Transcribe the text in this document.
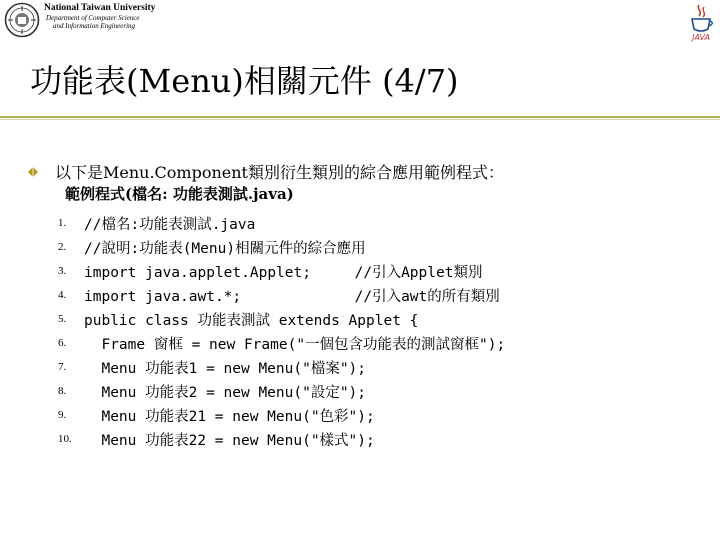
National Taiwan University
Department of Computer Science
and Information Engineering
JAVA
功能表(Menu)相關元件 (4/7)
以下是Menu.Component類別衍生類別的綜合應用範例程式：
範例程式(檔名: 功能表測試.java)
1.	//檔名:功能表測試.java
2.	//說明:功能表(Menu)相關元件的綜合應用
3.	import java.applet.Applet;     //引入Applet類別
4.	import java.awt.*;             //引入awt的所有類別
5.	public class 功能表測試 extends Applet {
6.	Frame 窗框 = new Frame("一個包含功能表的測試窗框");
7.	Menu 功能表1 = new Menu("檔案");
8.	Menu 功能表2 = new Menu("設定");
9.	Menu 功能表21 = new Menu("色彩");
10. Menu 功能表22 = new Menu("樣式");
